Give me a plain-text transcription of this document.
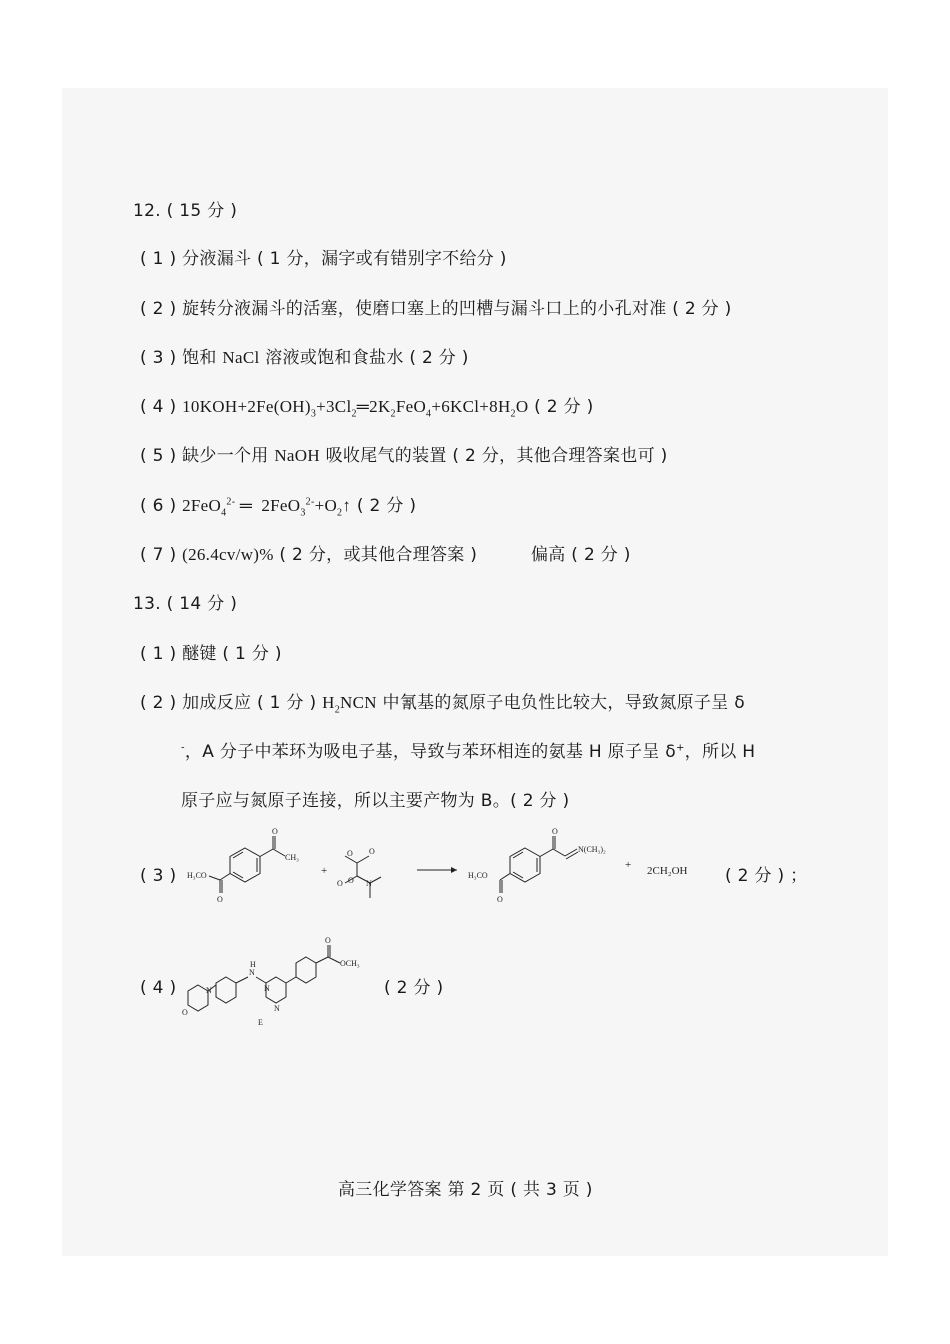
12. ( 15 分 )
( 1 ) 分液漏斗 ( 1 分，漏字或有错别字不给分 )
( 2 ) 旋转分液漏斗的活塞，使磨口塞上的凹槽与漏斗口上的小孔对准 ( 2 分 )
( 3 ) 饱和 NaCl 溶液或饱和食盐水 ( 2 分 )
( 4 ) $10KOH+2Fe(OH)_3+3Cl_2═2K_2FeO_4+6KCl+8H_2O$ ( 2 分 )
( 5 ) 缺少一个用 NaOH 吸收尾气的装置 ( 2 分，其他合理答案也可 )
( 6 ) 2FeO$_4^{2-}$ ═  $2FeO_3^{2-}+O_2↑$ ( 2 分 )
( 7 ) (26.4cv/w)% ( 2 分，或其他合理答案 )	偏高 ( 2 分 )
13. ( 14 分 )
( 1 ) 醚键 ( 1 分 )
( 2 ) 加成反应 ( 1 分 ) $H_2NCN$ 中氰基的氮原子电负性比较大，导致氮原子呈 δ
-，A 分子中苯环为吸电子基，导致与苯环相连的氨基 H 原子呈 δ+，所以 H
原子应与氮原子连接，所以主要产物为 B。( 2 分 )
( 3 )
O
O
H₃CO
CH₃
O
O
O
O N
O
O
H₃CO
N(CH₃)₂
+	+ 2CH₂OH ( 2 分 ) ；
( 4 )
O
OCH₃
N
H
N
N
N
O
E
( 2 分 )
高三化学答案 第 2 页 ( 共 3 页 )
